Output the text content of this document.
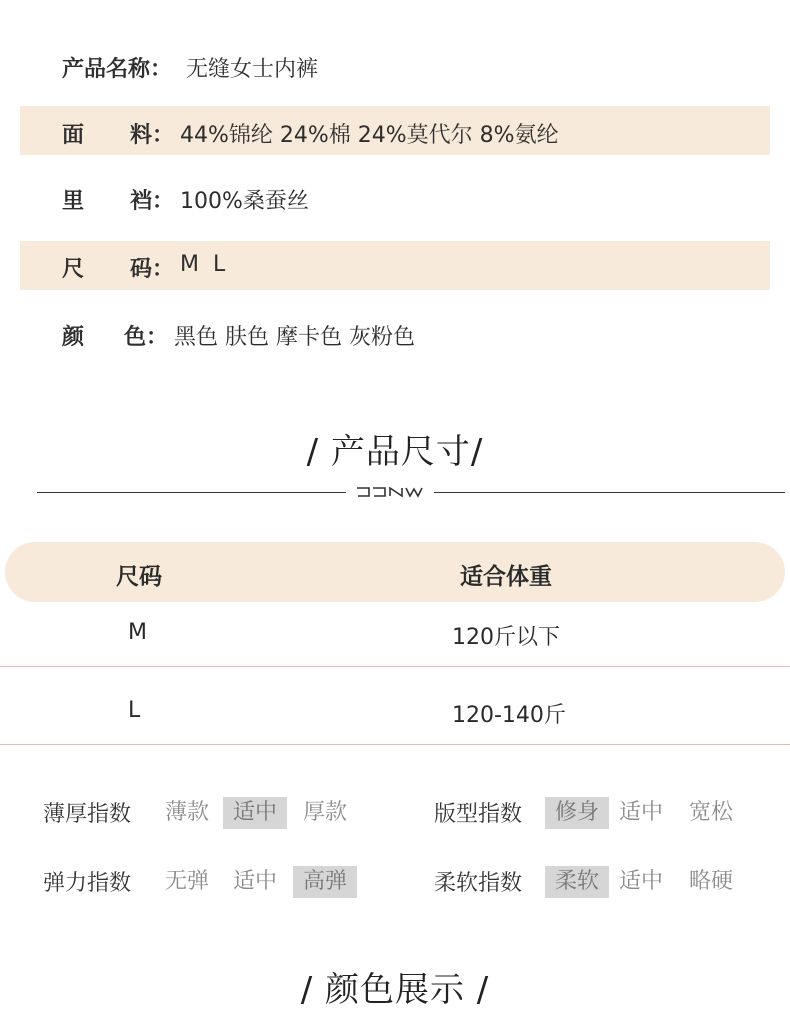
产品名称： 无缝女士内裤
面 料： 44%锦纶 24%棉 24%莫代尔 8%氨纶
里 裆： 100%桑蚕丝
尺 码： M  L
颜 色： 黑色 肤色 摩卡色 灰粉色
/ 产品尺寸/
尺码	适合体重
M	120斤以下
L	120-140斤
薄厚指数	薄款	适中	厚款	版型指数	修身 适中	宽松
弹力指数	无弹	适中	高弹	柔软指数	柔软 适中	略硬
/ 颜色展示 /
